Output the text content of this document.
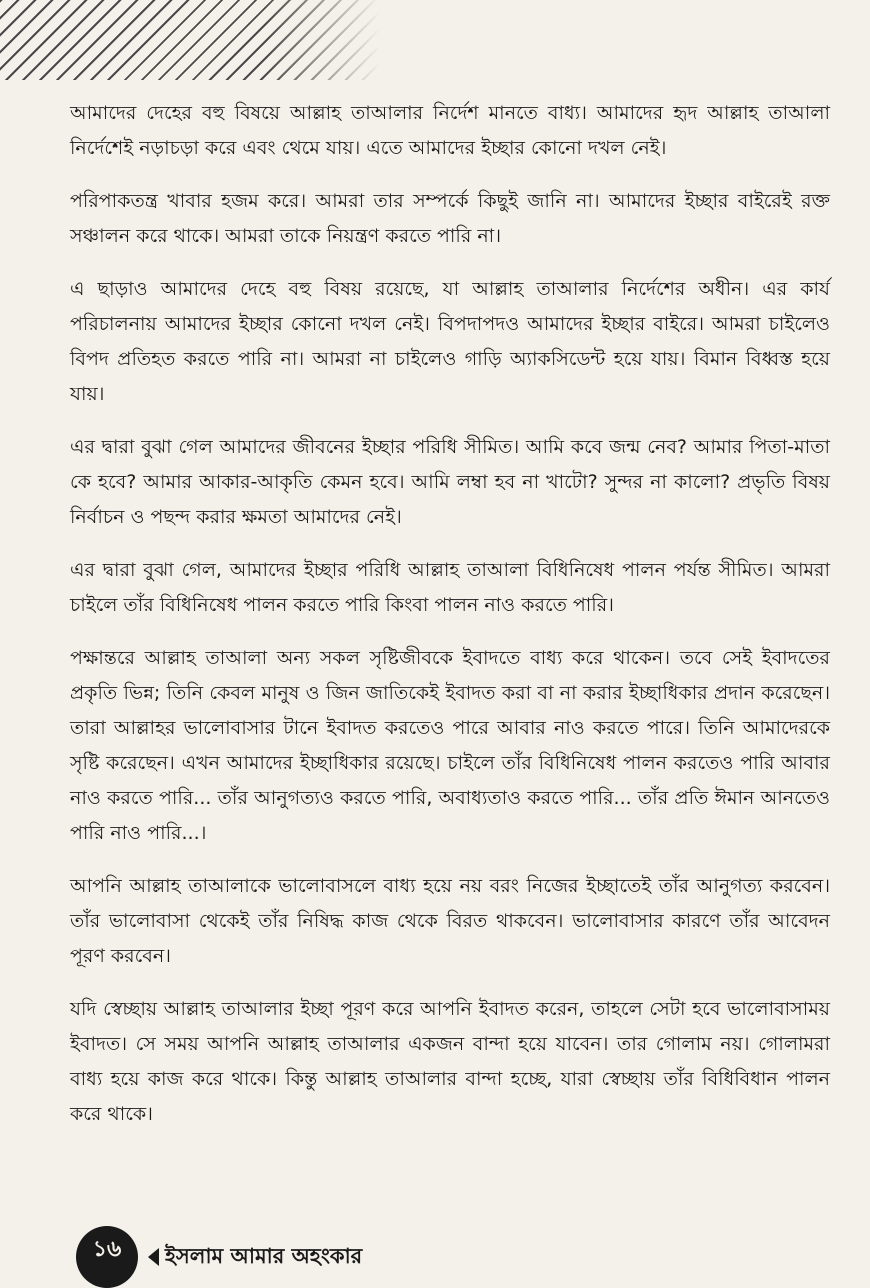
আমাদের দেহের বহু বিষয়ে আল্লাহ তাআলার নির্দেশ মানতে বাধ্য। আমাদের হৃদ আল্লাহ তাআলা নির্দেশেই নড়াচড়া করে এবং থেমে যায়। এতে আমাদের ইচ্ছার কোনো দখল নেই।

পরিপাকতন্ত্র খাবার হজম করে। আমরা তার সম্পর্কে কিছুই জানি না। আমাদের ইচ্ছার বাইরেই রক্ত সঞ্চালন করে থাকে। আমরা তাকে নিয়ন্ত্রণ করতে পারি না।

এ ছাড়াও আমাদের দেহে বহু বিষয় রয়েছে, যা আল্লাহ তাআলার নির্দেশের অধীন। এর কার্য পরিচালনায় আমাদের ইচ্ছার কোনো দখল নেই। বিপদাপদও আমাদের ইচ্ছার বাইরে। আমরা চাইলেও বিপদ প্রতিহত করতে পারি না। আমরা না চাইলেও গাড়ি অ্যাকসিডেন্ট হয়ে যায়। বিমান বিধ্বস্ত হয়ে যায়।

এর দ্বারা বুঝা গেল আমাদের জীবনের ইচ্ছার পরিধি সীমিত। আমি কবে জন্ম নেব? আমার পিতা-মাতা কে হবে? আমার আকার-আকৃতি কেমন হবে। আমি লম্বা হব না খাটো? সুন্দর না কালো? প্রভৃতি বিষয় নির্বাচন ও পছন্দ করার ক্ষমতা আমাদের নেই।

এর দ্বারা বুঝা গেল, আমাদের ইচ্ছার পরিধি আল্লাহ তাআলা বিধিনিষেধ পালন পর্যন্ত সীমিত। আমরা চাইলে তাঁর বিধিনিষেধ পালন করতে পারি কিংবা পালন নাও করতে পারি।

পক্ষান্তরে আল্লাহ তাআলা অন্য সকল সৃষ্টিজীবকে ইবাদতে বাধ্য করে থাকেন। তবে সেই ইবাদতের প্রকৃতি ভিন্ন; তিনি কেবল মানুষ ও জিন জাতিকেই ইবাদত করা বা না করার ইচ্ছাধিকার প্রদান করেছেন। তারা আল্লাহর ভালোবাসার টানে ইবাদত করতেও পারে আবার নাও করতে পারে। তিনি আমাদেরকে সৃষ্টি করেছেন। এখন আমাদের ইচ্ছাধিকার রয়েছে। চাইলে তাঁর বিধিনিষেধ পালন করতেও পারি আবার নাও করতে পারি... তাঁর আনুগত্যও করতে পারি, অবাধ্যতাও করতে পারি... তাঁর প্রতি ঈমান আনতেও পারি নাও পারি...।

আপনি আল্লাহ তাআলাকে ভালোবাসলে বাধ্য হয়ে নয় বরং নিজের ইচ্ছাতেই তাঁর আনুগত্য করবেন। তাঁর ভালোবাসা থেকেই তাঁর নিষিদ্ধ কাজ থেকে বিরত থাকবেন। ভালোবাসার কারণে তাঁর আবেদন পূরণ করবেন।

যদি স্বেচ্ছায় আল্লাহ তাআলার ইচ্ছা পূরণ করে আপনি ইবাদত করেন, তাহলে সেটা হবে ভালোবাসাময় ইবাদত। সে সময় আপনি আল্লাহ তাআলার একজন বান্দা হয়ে যাবেন। তার গোলাম নয়। গোলামরা বাধ্য হয়ে কাজ করে থাকে। কিন্তু আল্লাহ তাআলার বান্দা হচ্ছে, যারা স্বেচ্ছায় তাঁর বিধিবিধান পালন করে থাকে।

১৬ ইসলাম আমার অহংকার
